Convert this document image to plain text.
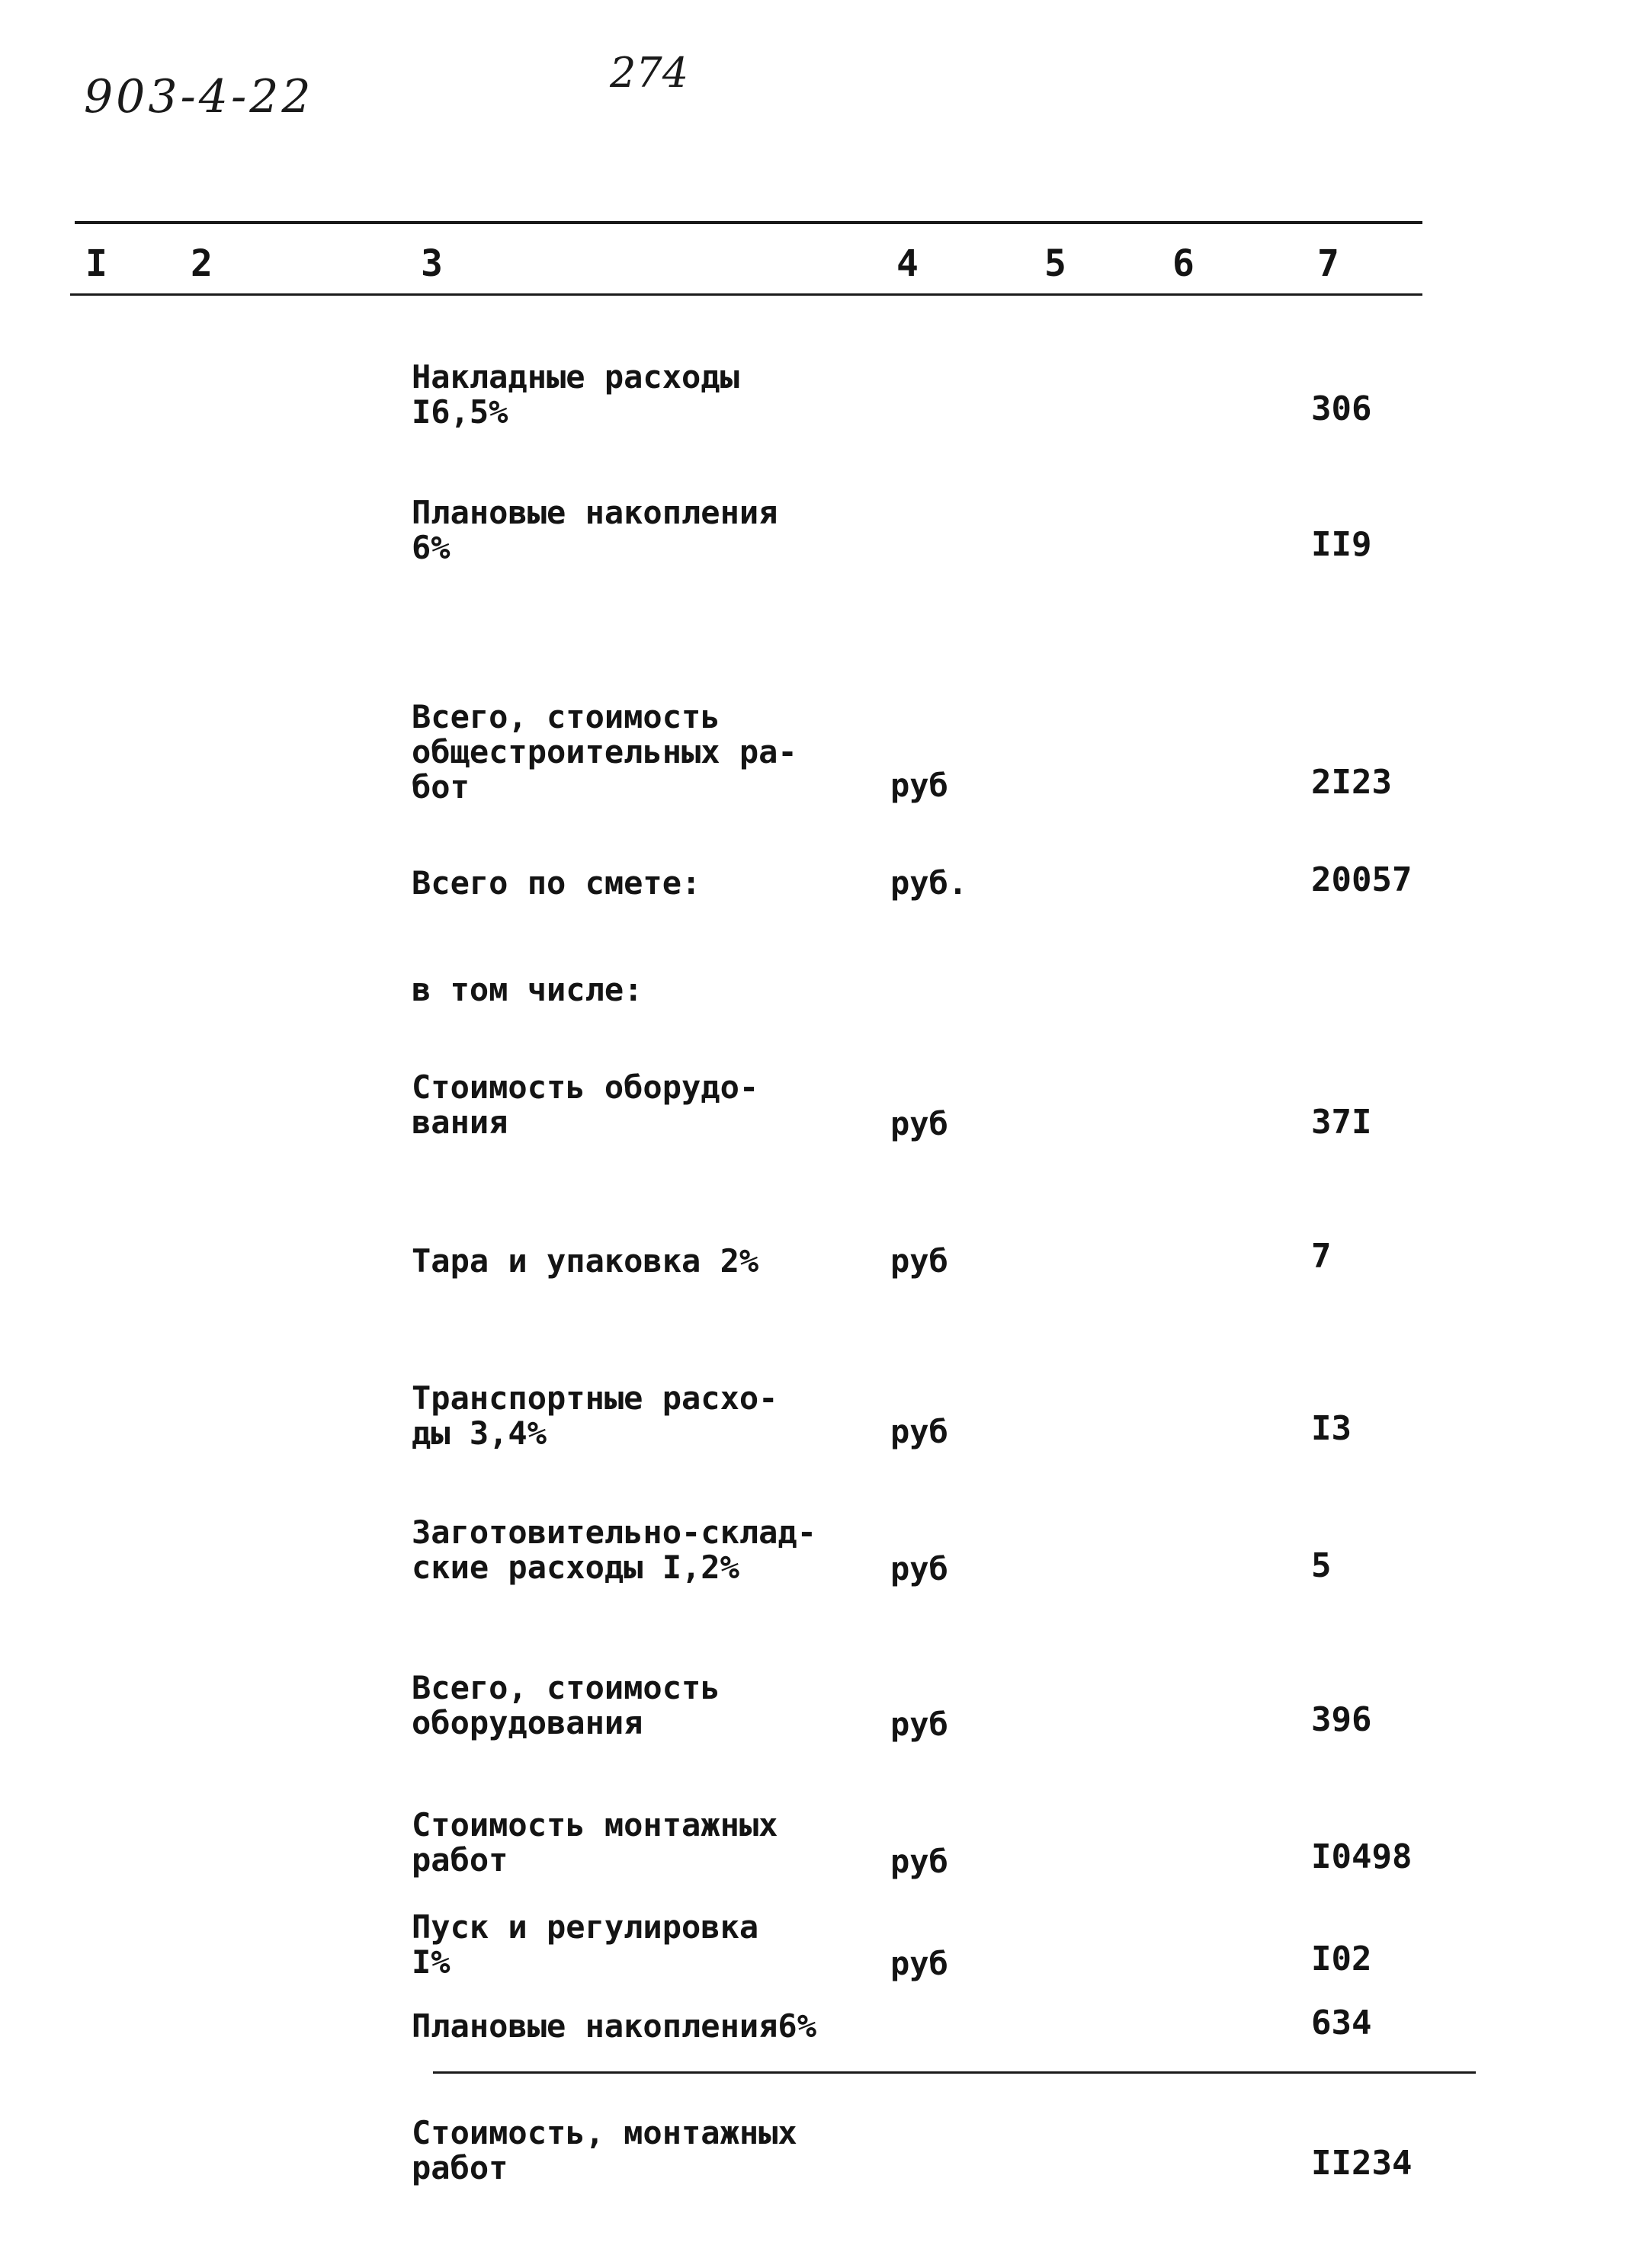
903-4-22	274
I 2	3	4	5	6	7
Накладные расходы
I6,5%	306
Плановые накопления
6%	II9
Всего, стоимость
общестроительных ра-
бот	руб	2I23
Всего по смете:	руб.	20057
в том числе:
Стоимость оборудо-
вания	руб	37I
Тара и упаковка 2%	руб	7
Транспортные расхо-
ды 3,4%	руб	I3
Заготовительно-склад-
ские расходы I,2%	руб	5
Всего, стоимость
оборудования	руб	396
Стоимость монтажных
работ	руб	I0498
Пуск и регулировка
I%	руб	I02
Плановые накопления6%	634
Стоимость, монтажных
работ	II234
